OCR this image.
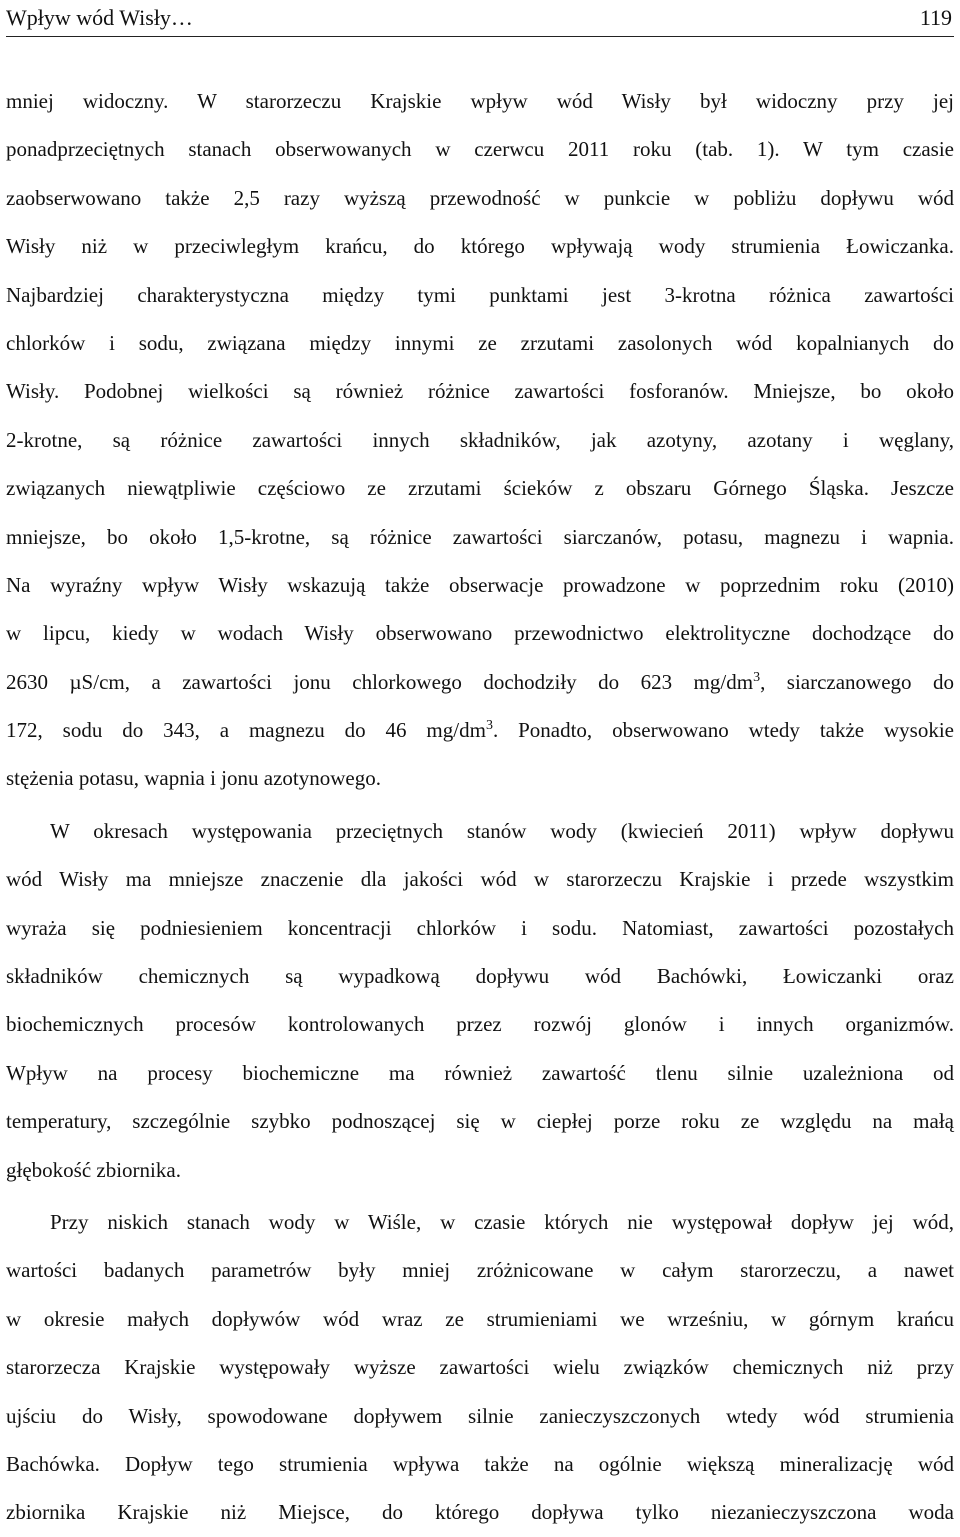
Wpływ wód Wisły…	119
mniej widoczny. W starorzeczu Krajskie wpływ wód Wisły był widoczny przy jej
ponadprzeciętnych stanach obserwowanych w czerwcu 2011 roku (tab. 1). W tym czasie
zaobserwowano także 2,5 razy wyższą przewodność w punkcie w pobliżu dopływu wód
Wisły niż w przeciwległym krańcu, do którego wpływają wody strumienia Łowiczanka.
Najbardziej charakterystyczna między tymi punktami jest 3-krotna różnica zawartości
chlorków i sodu, związana między innymi ze zrzutami zasolonych wód kopalnianych do
Wisły. Podobnej wielkości są również różnice zawartości fosforanów. Mniejsze, bo około
2-krotne, są różnice zawartości innych składników, jak azotyny, azotany i węglany,
związanych niewątpliwie częściowo ze zrzutami ścieków z obszaru Górnego Śląska. Jeszcze
mniejsze, bo około 1,5-krotne, są różnice zawartości siarczanów, potasu, magnezu i wapnia.
Na wyraźny wpływ Wisły wskazują także obserwacje prowadzone w poprzednim roku (2010)
w lipcu, kiedy w wodach Wisły obserwowano przewodnictwo elektrolityczne dochodzące do
2630 µS/cm, a zawartości jonu chlorkowego dochodziły do 623 $mg/dm^3$, siarczanowego do
172, sodu do 343, a magnezu do 46 $mg/dm^3$. Ponadto, obserwowano wtedy także wysokie
stężenia potasu, wapnia i jonu azotynowego.
W okresach występowania przeciętnych stanów wody (kwiecień 2011) wpływ dopływu
wód Wisły ma mniejsze znaczenie dla jakości wód w starorzeczu Krajskie i przede wszystkim
wyraża się podniesieniem koncentracji chlorków i sodu. Natomiast, zawartości pozostałych
składników chemicznych są wypadkową dopływu wód Bachówki, Łowiczanki oraz
biochemicznych procesów kontrolowanych przez rozwój glonów i innych organizmów.
Wpływ na procesy biochemiczne ma również zawartość tlenu silnie uzależniona od
temperatury, szczególnie szybko podnoszącej się w ciepłej porze roku ze względu na małą
głębokość zbiornika.
Przy niskich stanach wody w Wiśle, w czasie których nie występował dopływ jej wód,
wartości badanych parametrów były mniej zróżnicowane w całym starorzeczu, a nawet
w okresie małych dopływów wód wraz ze strumieniami we wrześniu, w górnym krańcu
starorzecza Krajskie występowały wyższe zawartości wielu związków chemicznych niż przy
ujściu do Wisły, spowodowane dopływem silnie zanieczyszczonych wtedy wód strumienia
Bachówka. Dopływ tego strumienia wpływa także na ogólnie większą mineralizację wód
zbiornika Krajskie niż Miejsce, do którego dopływa tylko niezanieczyszczona woda
